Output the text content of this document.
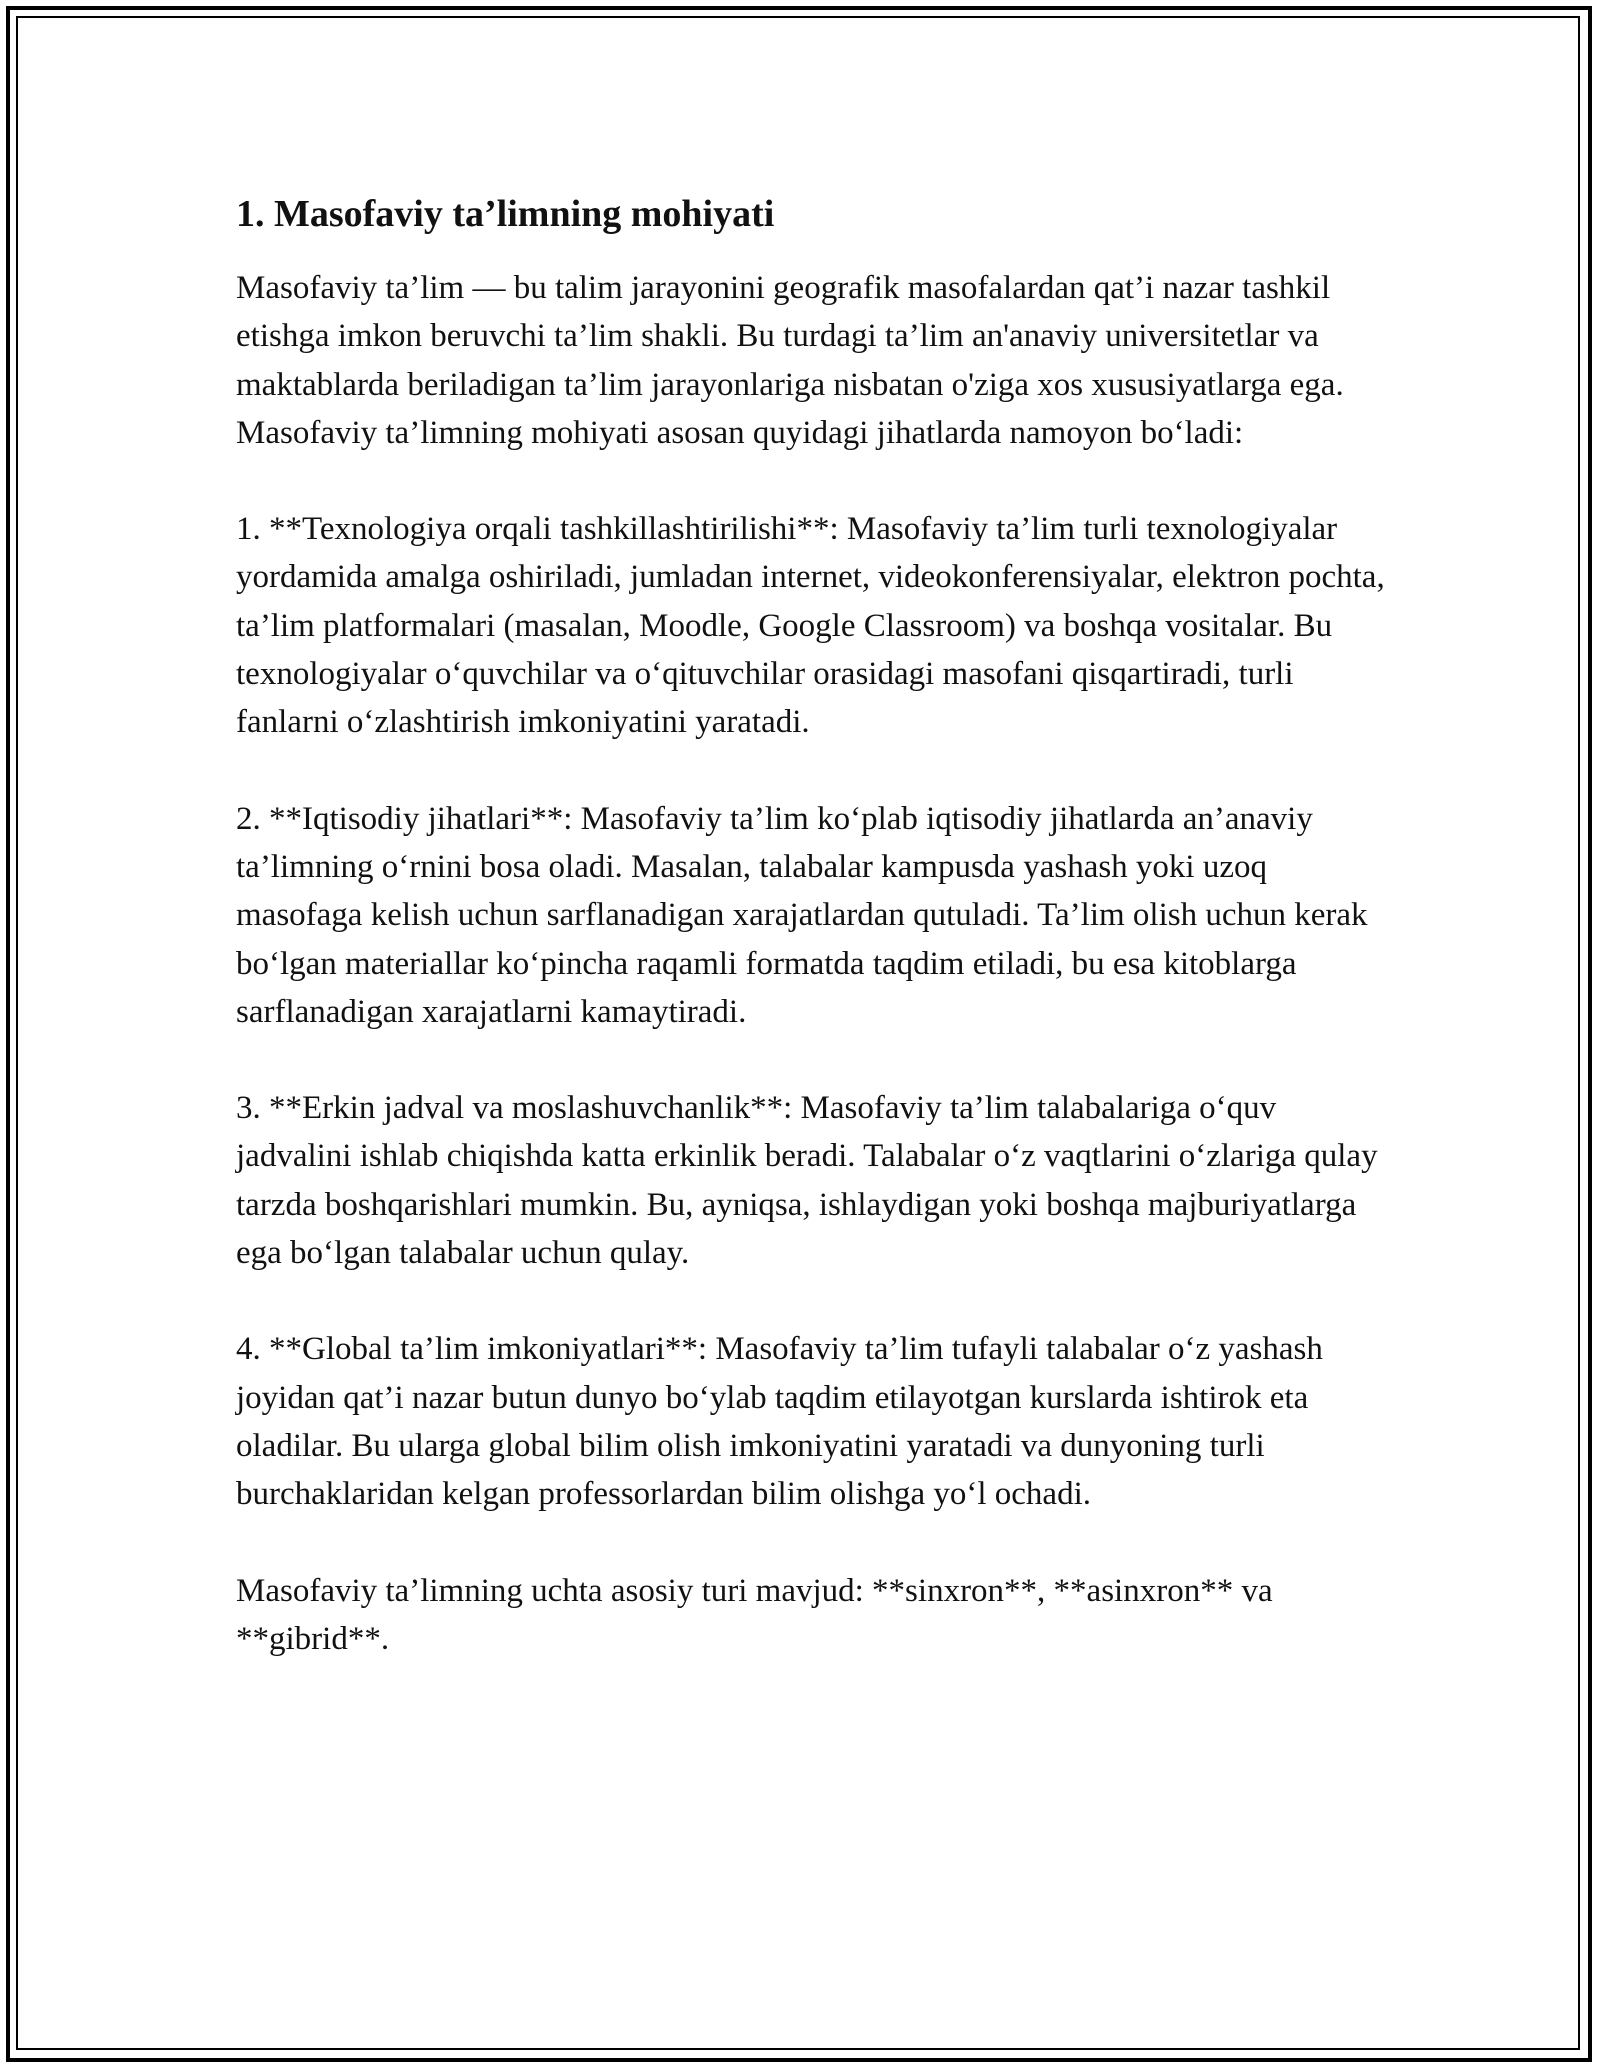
1. Masofaviy ta’limning mohiyati

Masofaviy ta’lim — bu talim jarayonini geografik masofalardan qat’i nazar tashkil etishga imkon beruvchi ta’lim shakli. Bu turdagi ta’lim an'anaviy universitetlar va maktablarda beriladigan ta’lim jarayonlariga nisbatan o'ziga xos xususiyatlarga ega. Masofaviy ta’limning mohiyati asosan quyidagi jihatlarda namoyon bo‘ladi:

1. **Texnologiya orqali tashkillashtirilishi**: Masofaviy ta’lim turli texnologiyalar yordamida amalga oshiriladi, jumladan internet, videokonferensiyalar, elektron pochta, ta’lim platformalari (masalan, Moodle, Google Classroom) va boshqa vositalar. Bu texnologiyalar o‘quvchilar va o‘qituvchilar orasidagi masofani qisqartiradi, turli fanlarni o‘zlashtirish imkoniyatini yaratadi.

2. **Iqtisodiy jihatlari**: Masofaviy ta’lim ko‘plab iqtisodiy jihatlarda an’anaviy ta’limning o‘rnini bosa oladi. Masalan, talabalar kampusda yashash yoki uzoq masofaga kelish uchun sarflanadigan xarajatlardan qutuladi. Ta’lim olish uchun kerak bo‘lgan materiallar ko‘pincha raqamli formatda taqdim etiladi, bu esa kitoblarga sarflanadigan xarajatlarni kamaytiradi.

3. **Erkin jadval va moslashuvchanlik**: Masofaviy ta’lim talabalariga o‘quv jadvalini ishlab chiqishda katta erkinlik beradi. Talabalar o‘z vaqtlarini o‘zlariga qulay tarzda boshqarishlari mumkin. Bu, ayniqsa, ishlaydigan yoki boshqa majburiyatlarga ega bo‘lgan talabalar uchun qulay.

4. **Global ta’lim imkoniyatlari**: Masofaviy ta’lim tufayli talabalar o‘z yashash joyidan qat’i nazar butun dunyo bo‘ylab taqdim etilayotgan kurslarda ishtirok eta oladilar. Bu ularga global bilim olish imkoniyatini yaratadi va dunyoning turli burchaklaridan kelgan professorlardan bilim olishga yo‘l ochadi.

Masofaviy ta’limning uchta asosiy turi mavjud: **sinxron**, **asinxron** va **gibrid**.
